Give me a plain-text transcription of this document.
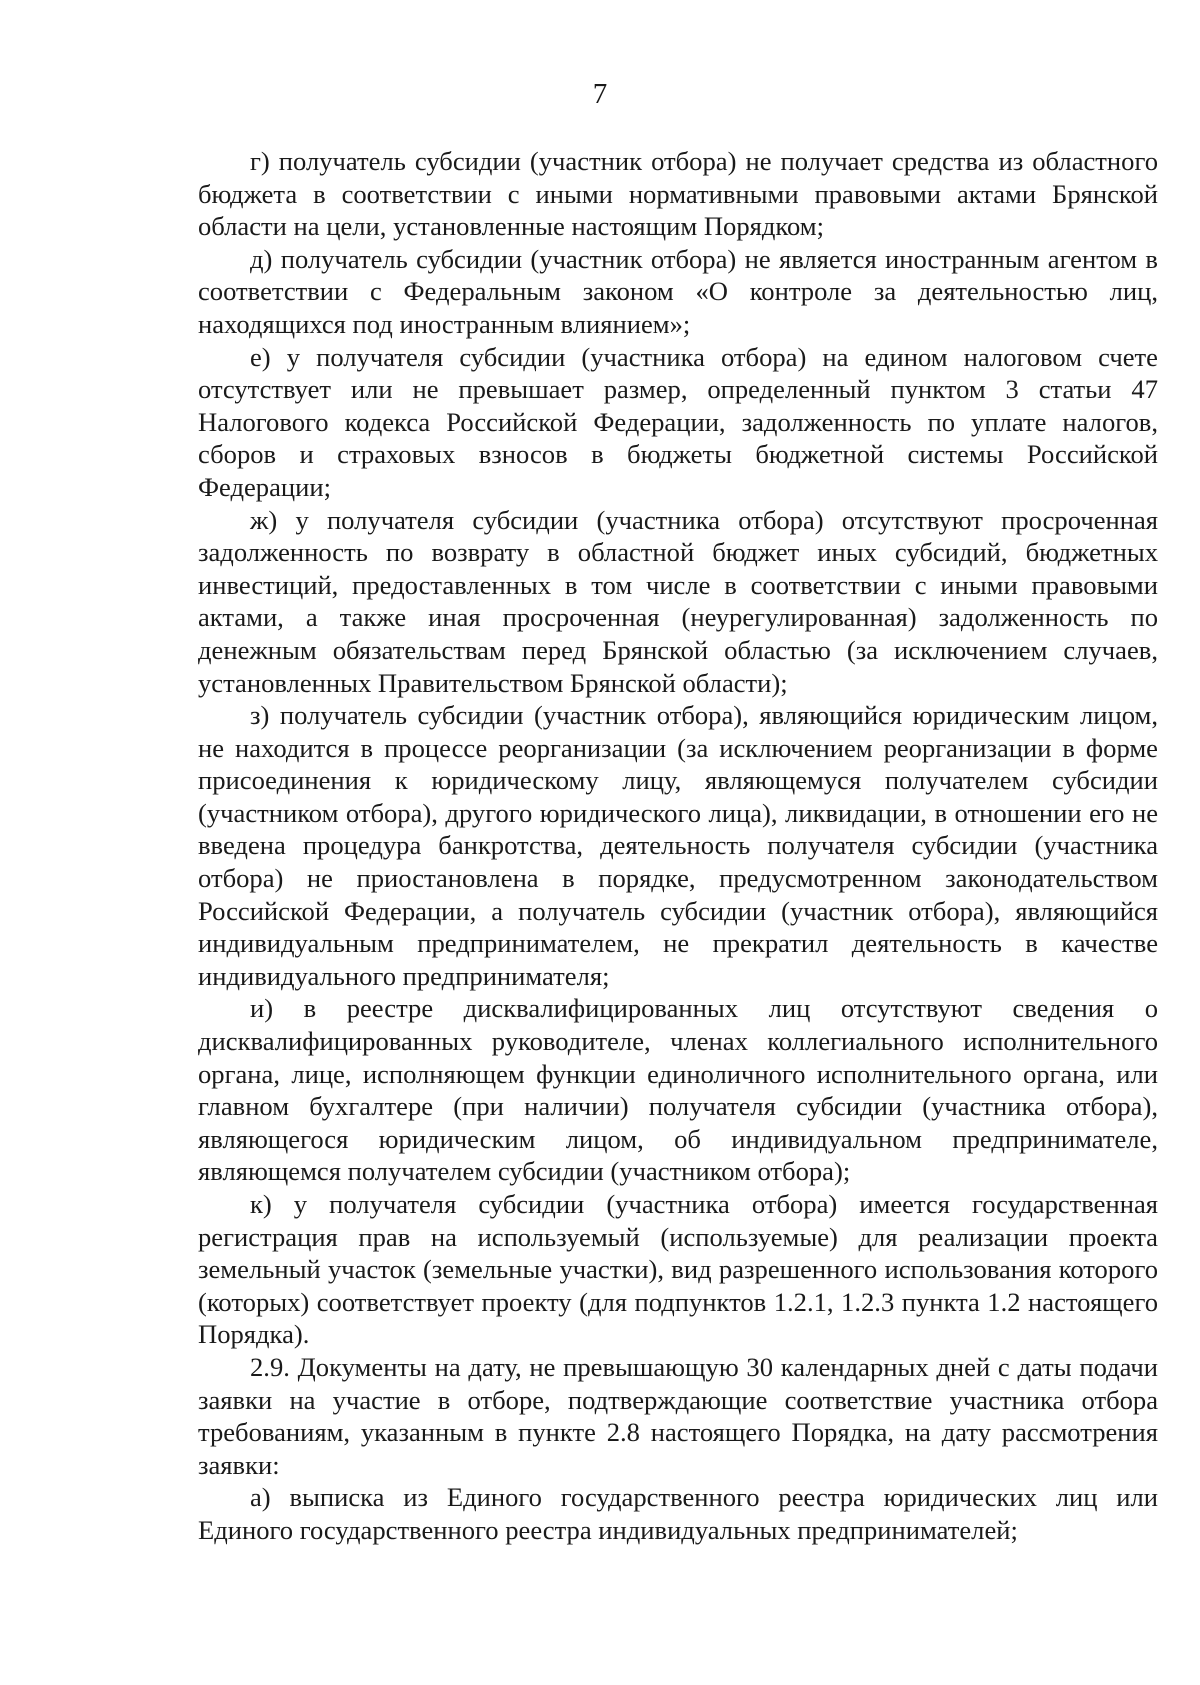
7

г) получатель субсидии (участник отбора) не получает средства из областного бюджета в соответствии с иными нормативными правовыми актами Брянской области на цели, установленные настоящим Порядком;

д) получатель субсидии (участник отбора) не является иностранным агентом в соответствии с Федеральным законом «О контроле за деятельностью лиц, находящихся под иностранным влиянием»;

е) у получателя субсидии (участника отбора) на едином налоговом счете отсутствует или не превышает размер, определенный пунктом 3 статьи 47 Налогового кодекса Российской Федерации, задолженность по уплате налогов, сборов и страховых взносов в бюджеты бюджетной системы Российской Федерации;

ж) у получателя субсидии (участника отбора) отсутствуют просроченная задолженность по возврату в областной бюджет иных субсидий, бюджетных инвестиций, предоставленных в том числе в соответствии с иными правовыми актами, а также иная просроченная (неурегулированная) задолженность по денежным обязательствам перед Брянской областью (за исключением случаев, установленных Правительством Брянской области);

з) получатель субсидии (участник отбора), являющийся юридическим лицом, не находится в процессе реорганизации (за исключением реорганизации в форме присоединения к юридическому лицу, являющемуся получателем субсидии (участником отбора), другого юридического лица), ликвидации, в отношении его не введена процедура банкротства, деятельность получателя субсидии (участника отбора) не приостановлена в порядке, предусмотренном законодательством Российской Федерации, а получатель субсидии (участник отбора), являющийся индивидуальным предпринимателем, не прекратил деятельность в качестве индивидуального предпринимателя;

и) в реестре дисквалифицированных лиц отсутствуют сведения о дисквалифицированных руководителе, членах коллегиального исполнительного органа, лице, исполняющем функции единоличного исполнительного органа, или главном бухгалтере (при наличии) получателя субсидии (участника отбора), являющегося юридическим лицом, об индивидуальном предпринимателе, являющемся получателем субсидии (участником отбора);

к) у получателя субсидии (участника отбора) имеется государственная регистрация прав на используемый (используемые) для реализации проекта земельный участок (земельные участки), вид разрешенного использования которого (которых) соответствует проекту (для подпунктов 1.2.1, 1.2.3 пункта 1.2 настоящего Порядка).

2.9. Документы на дату, не превышающую 30 календарных дней с даты подачи заявки на участие в отборе, подтверждающие соответствие участника отбора требованиям, указанным в пункте 2.8 настоящего Порядка, на дату рассмотрения заявки:

а) выписка из Единого государственного реестра юридических лиц или Единого государственного реестра индивидуальных предпринимателей;
